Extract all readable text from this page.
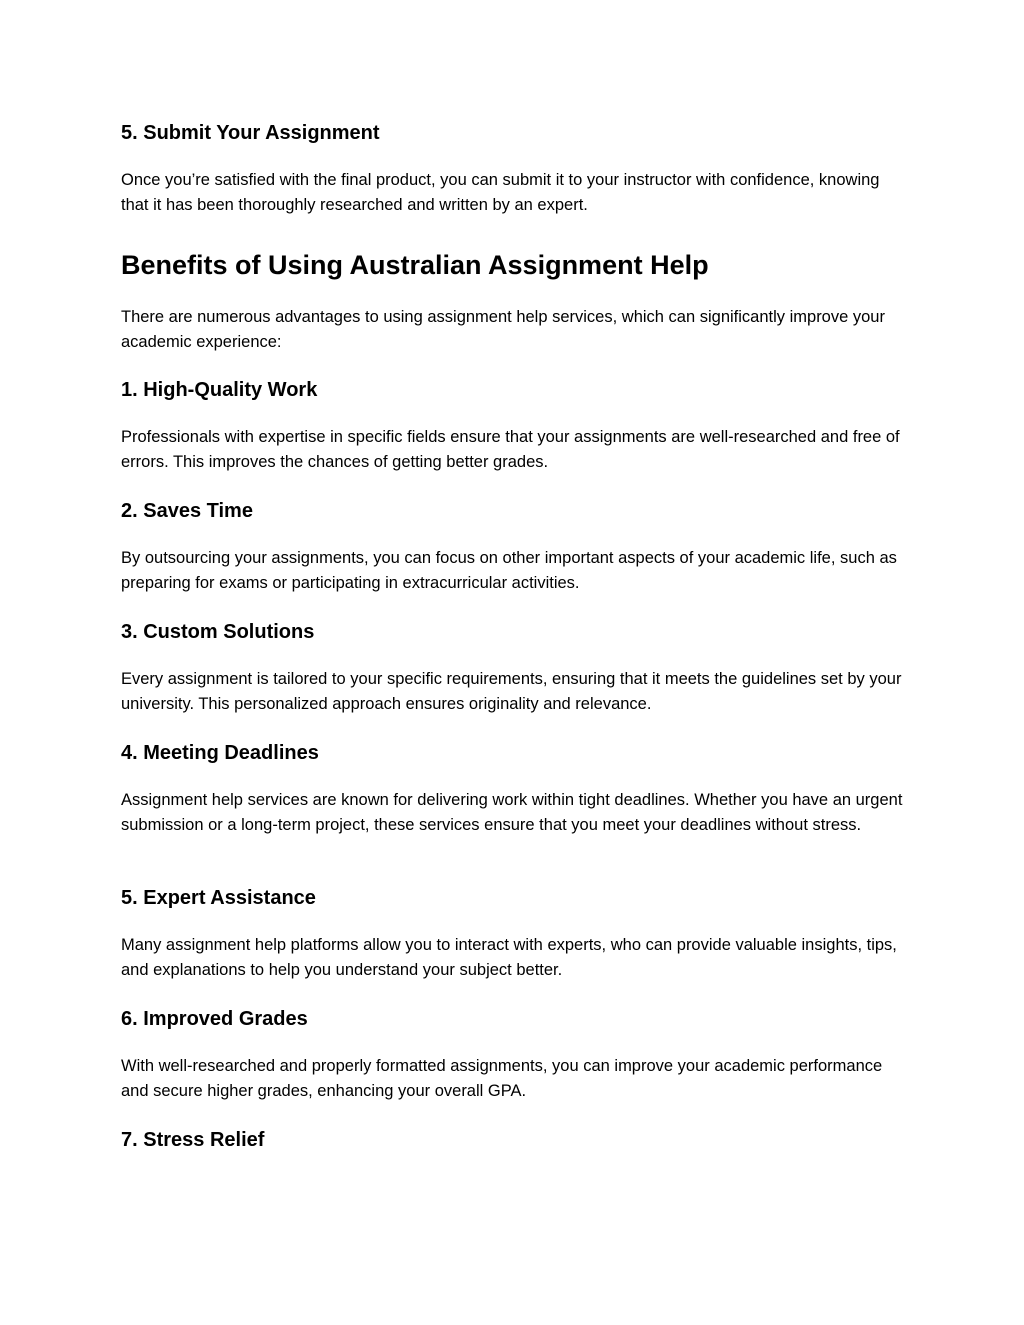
5. Submit Your Assignment

Once you’re satisfied with the final product, you can submit it to your instructor with confidence, knowing that it has been thoroughly researched and written by an expert.

Benefits of Using Australian Assignment Help

There are numerous advantages to using assignment help services, which can significantly improve your academic experience:

1. High-Quality Work

Professionals with expertise in specific fields ensure that your assignments are well-researched and free of errors. This improves the chances of getting better grades.

2. Saves Time

By outsourcing your assignments, you can focus on other important aspects of your academic life, such as preparing for exams or participating in extracurricular activities.

3. Custom Solutions

Every assignment is tailored to your specific requirements, ensuring that it meets the guidelines set by your university. This personalized approach ensures originality and relevance.

4. Meeting Deadlines

Assignment help services are known for delivering work within tight deadlines. Whether you have an urgent submission or a long-term project, these services ensure that you meet your deadlines without stress.

5. Expert Assistance

Many assignment help platforms allow you to interact with experts, who can provide valuable insights, tips, and explanations to help you understand your subject better.

6. Improved Grades

With well-researched and properly formatted assignments, you can improve your academic performance and secure higher grades, enhancing your overall GPA.

7. Stress Relief
